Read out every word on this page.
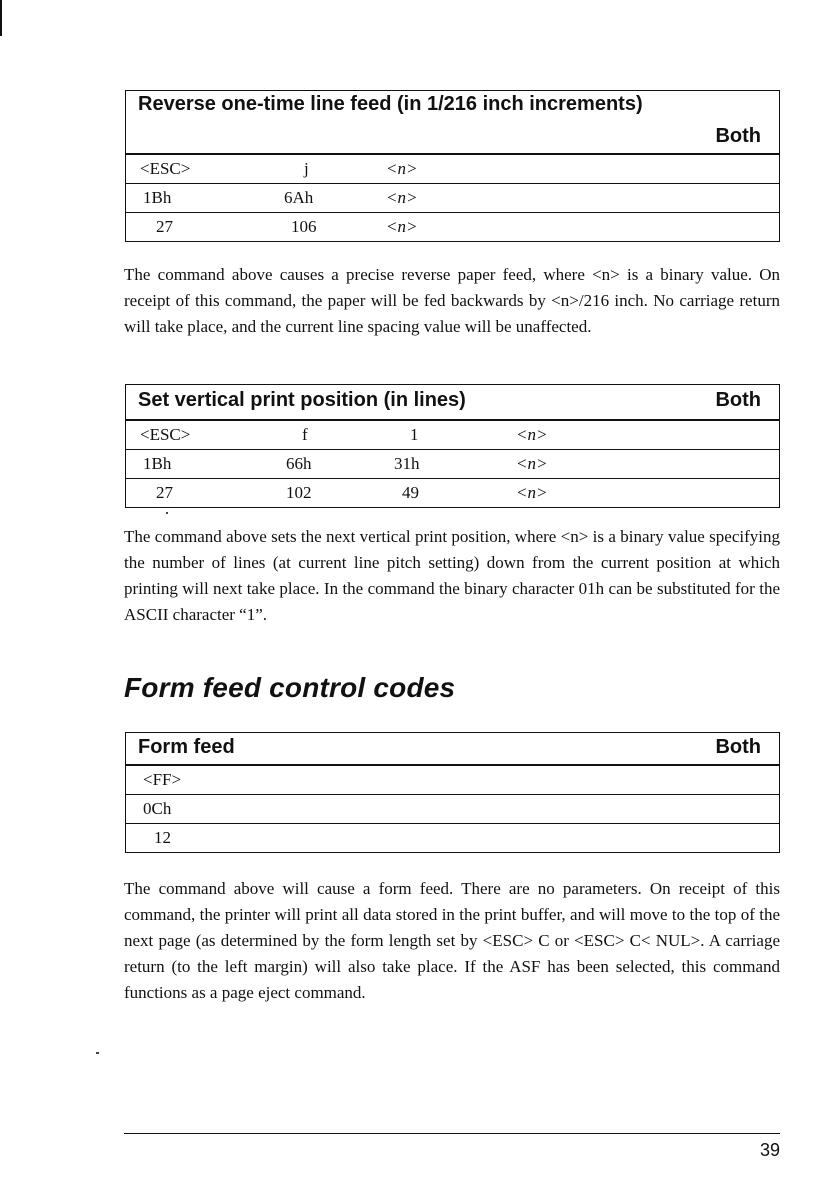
Reverse one-time line feed (in 1/216 inch increments)
Both
<ESC>	j	<n>
1Bh	6Ah	<n>
27	106	<n>

The command above causes a precise reverse paper feed, where <n> is a binary value. On receipt of this command, the paper will be fed backwards by <n>/216 inch. No carriage return will take place, and the current line spacing value will be unaffected.

Set vertical print position (in lines)	Both
<ESC>	f	1	<n>
1Bh	66h	31h	<n>
27	102	49	<n>

The command above sets the next vertical print position, where <n> is a binary value specifying the number of lines (at current line pitch setting) down from the current position at which printing will next take place. In the command the binary character 01h can be substituted for the ASCII character “1”.

Form feed control codes
Form feed	Both
<FF>
0Ch
12

The command above will cause a form feed. There are no parameters. On receipt of this command, the printer will print all data stored in the print buffer, and will move to the top of the next page (as determined by the form length set by <ESC> C or <ESC> C< NUL>. A carriage return (to the left margin) will also take place. If the ASF has been selected, this command functions as a page eject command.

39
